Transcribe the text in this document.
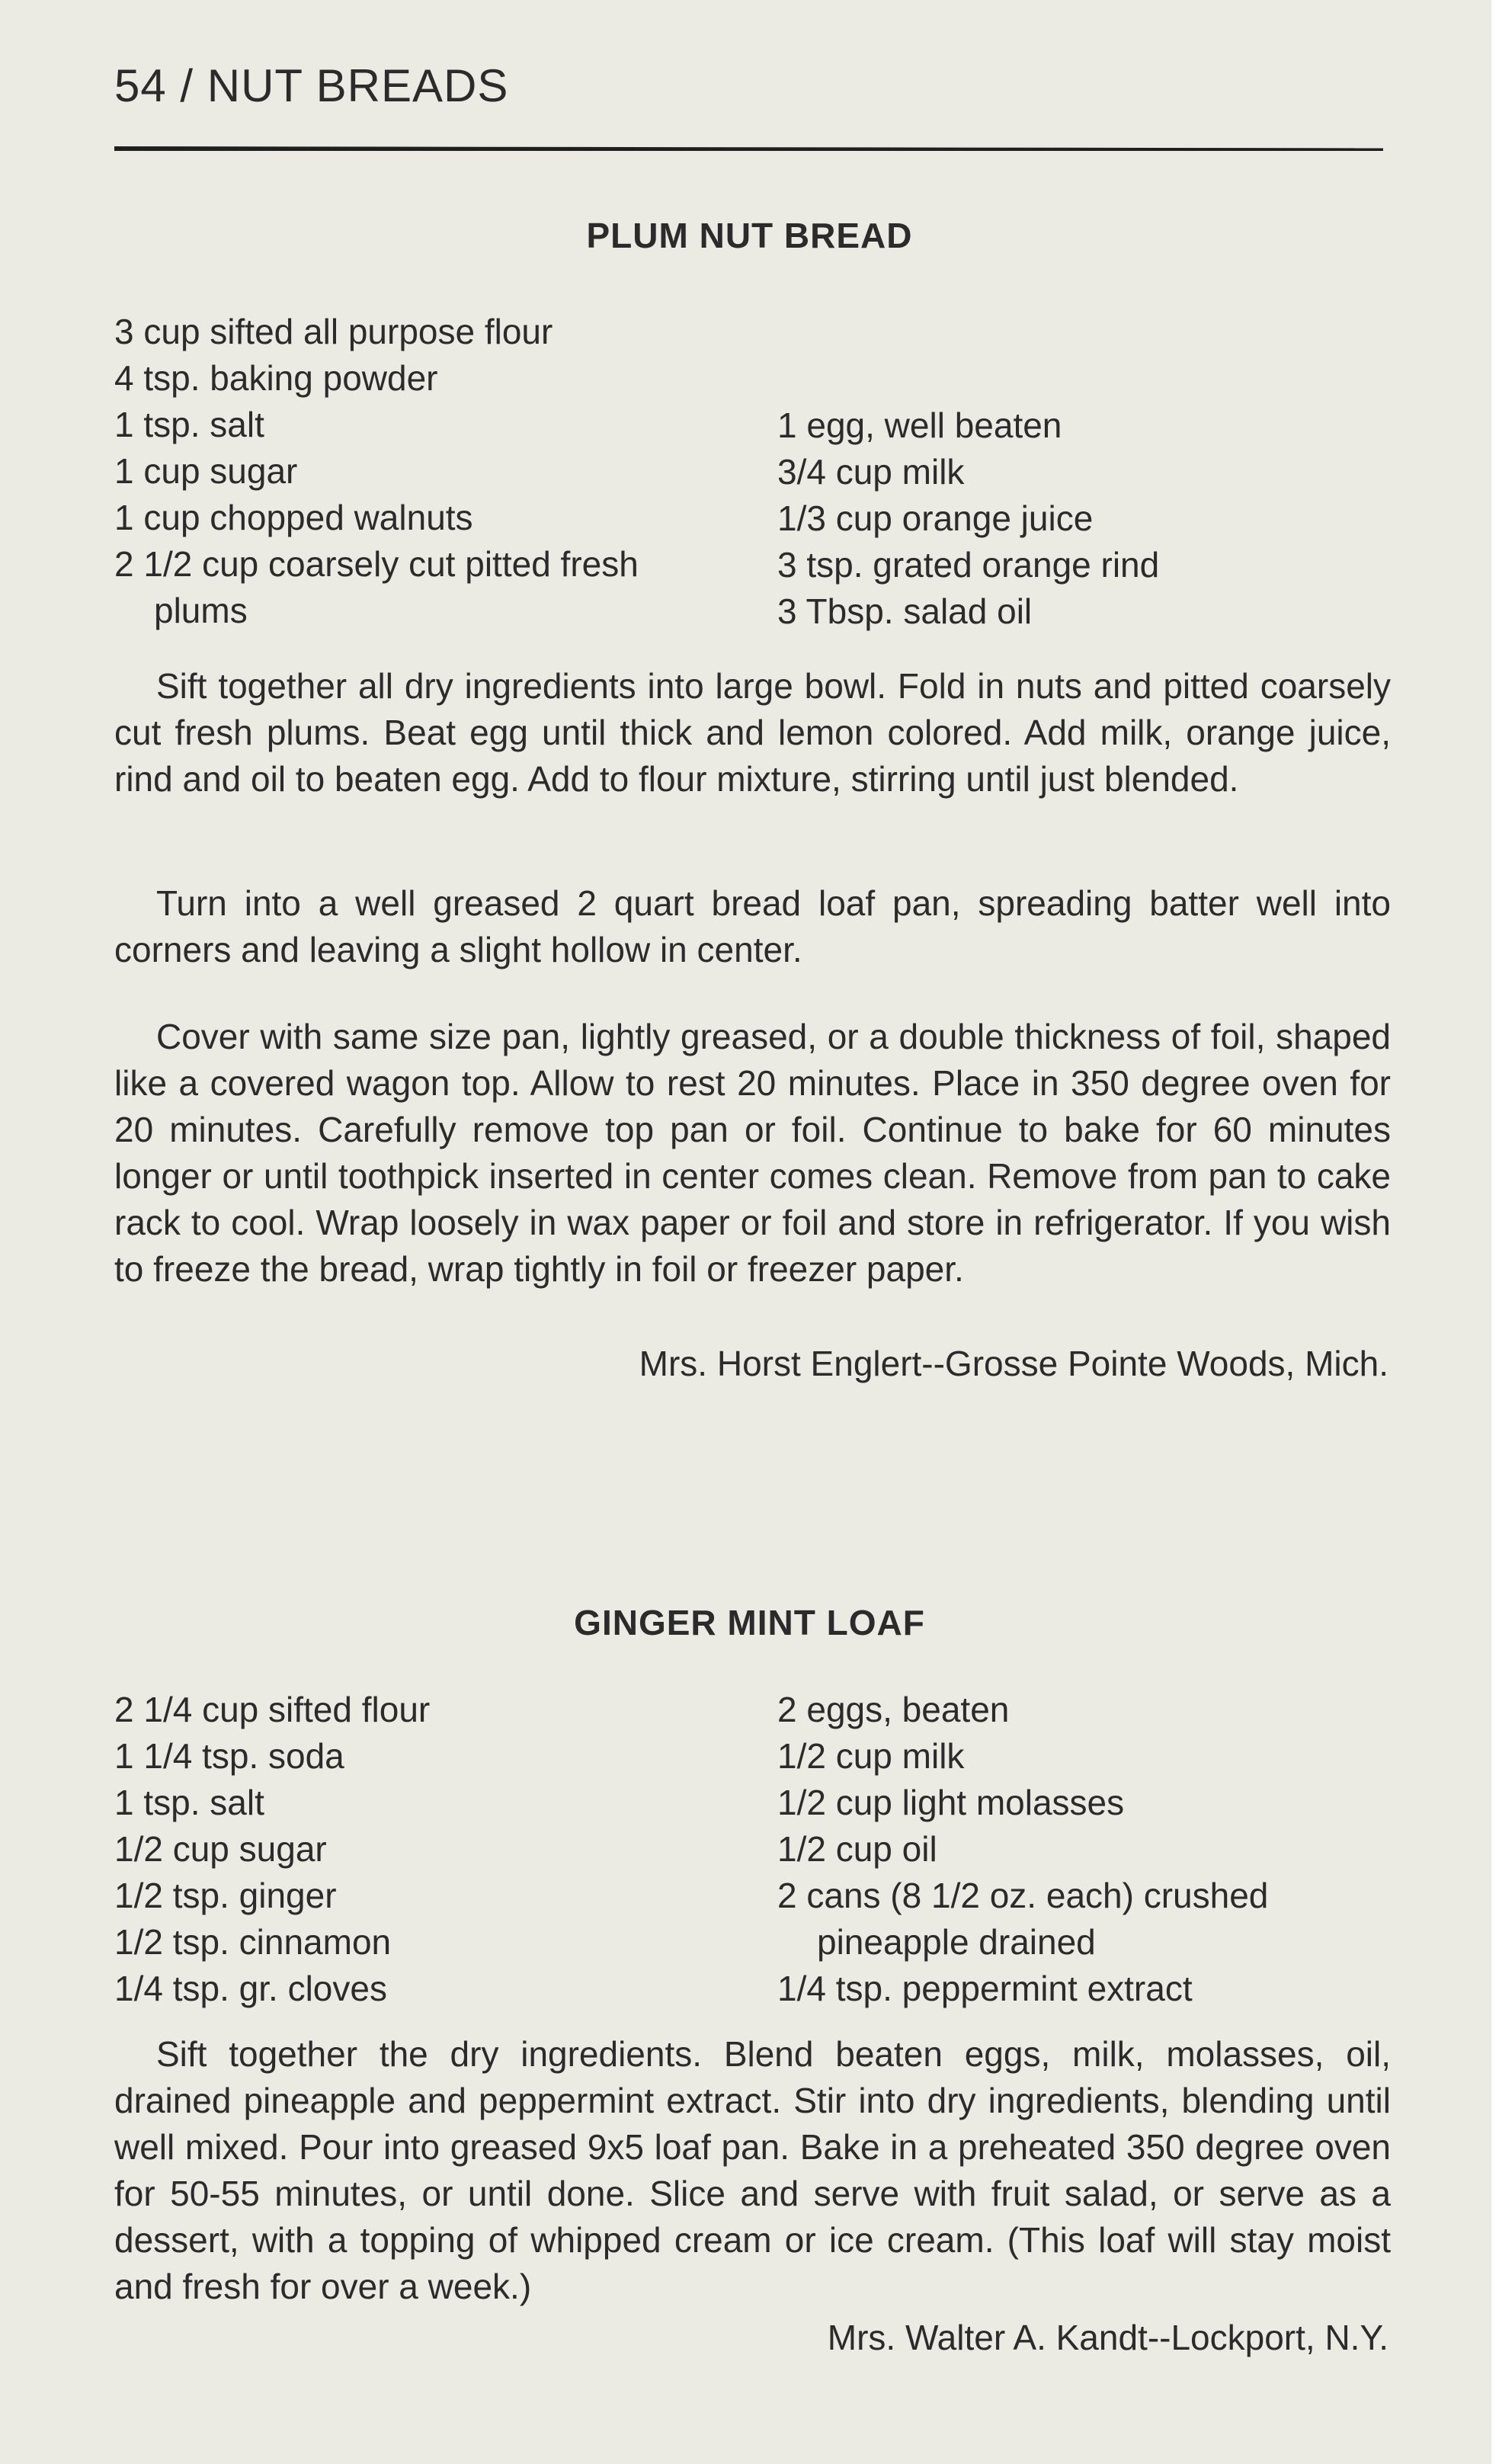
54 / NUT BREADS
PLUM NUT BREAD
3 cup sifted all purpose flour
4 tsp. baking powder
1 tsp. salt
1 cup sugar
1 cup chopped walnuts
2 1/2 cup coarsely cut pitted fresh
plums
1 egg, well beaten
3/4 cup milk
1/3 cup orange juice
3 tsp. grated orange rind
3 Tbsp. salad oil
Sift together all dry ingredients into large bowl. Fold in nuts and pitted coarsely cut fresh plums. Beat egg until thick and lemon colored. Add milk, orange juice, rind and oil to beaten egg. Add to flour mixture, stirring until just blended.
Turn into a well greased 2 quart bread loaf pan, spreading batter well into corners and leaving a slight hollow in center.
Cover with same size pan, lightly greased, or a double thickness of foil, shaped like a covered wagon top. Allow to rest 20 minutes. Place in 350 degree oven for 20 minutes. Carefully remove top pan or foil. Continue to bake for 60 minutes longer or until toothpick inserted in center comes clean. Remove from pan to cake rack to cool. Wrap loosely in wax paper or foil and store in refrigerator. If you wish to freeze the bread, wrap tightly in foil or freezer paper.
Mrs. Horst Englert--Grosse Pointe Woods, Mich.
GINGER MINT LOAF
2 1/4 cup sifted flour
1 1/4 tsp. soda
1 tsp. salt
1/2 cup sugar
1/2 tsp. ginger
1/2 tsp. cinnamon
1/4 tsp. gr. cloves
2 eggs, beaten
1/2 cup milk
1/2 cup light molasses
1/2 cup oil
2 cans (8 1/2 oz. each) crushed
pineapple drained
1/4 tsp. peppermint extract
Sift together the dry ingredients. Blend beaten eggs, milk, molasses, oil, drained pineapple and peppermint extract. Stir into dry ingredients, blending until well mixed. Pour into greased 9x5 loaf pan. Bake in a preheated 350 degree oven for 50-55 minutes, or until done. Slice and serve with fruit salad, or serve as a dessert, with a topping of whipped cream or ice cream. (This loaf will stay moist and fresh for over a week.)
Mrs. Walter A. Kandt--Lockport, N.Y.
